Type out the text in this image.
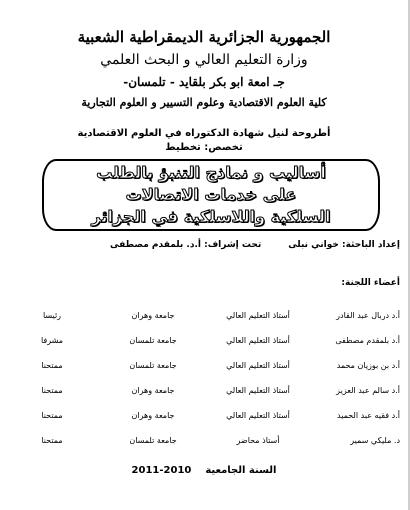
الجمهورية الجزائرية الديمقراطية الشعبية
وزارة التعليم العالي و البحث العلمي
جـ امعة ابو بكر بلقايد - تلمسان-
كلية العلوم الاقتصادية وعلوم التسيير و العلوم التجارية
أطروحة لنيل شهادة الدكتوراه في العلوم الاقتصادية
تخصص: تخطيط
أساليب و نماذج التنبؤ بالطلب
على خدمات الاتصالات
السلكية واللاسلكية في الجزائر
إعداد الباحثة: خواني نبلى
تحت إشراف: أ.د. بلمقدم مصطفى
أعضاء اللجنة:
أ.د دربال عبد القادر
أستاذ التعليم العالي
جامعة وهران
رئيسا
أ.د بلمقدم مصطفى
أستاذ التعليم العالي
جامعة تلمسان
مشرفا
أ.د بن بوزيان محمد
أستاذ التعليم العالي
جامعة تلمسان
ممتحنا
أ.د سالم عبد العزيز
أستاذ التعليم العالي
جامعة وهران
ممتحنا
أ.د فقيه عبد الحميد
أستاذ التعليم العالي
جامعة وهران
ممتحنا
د. مليكي سمير
أستاذ محاضر
جامعة تلمسان
ممتحنا
السنة الجامعية    2011-2010
